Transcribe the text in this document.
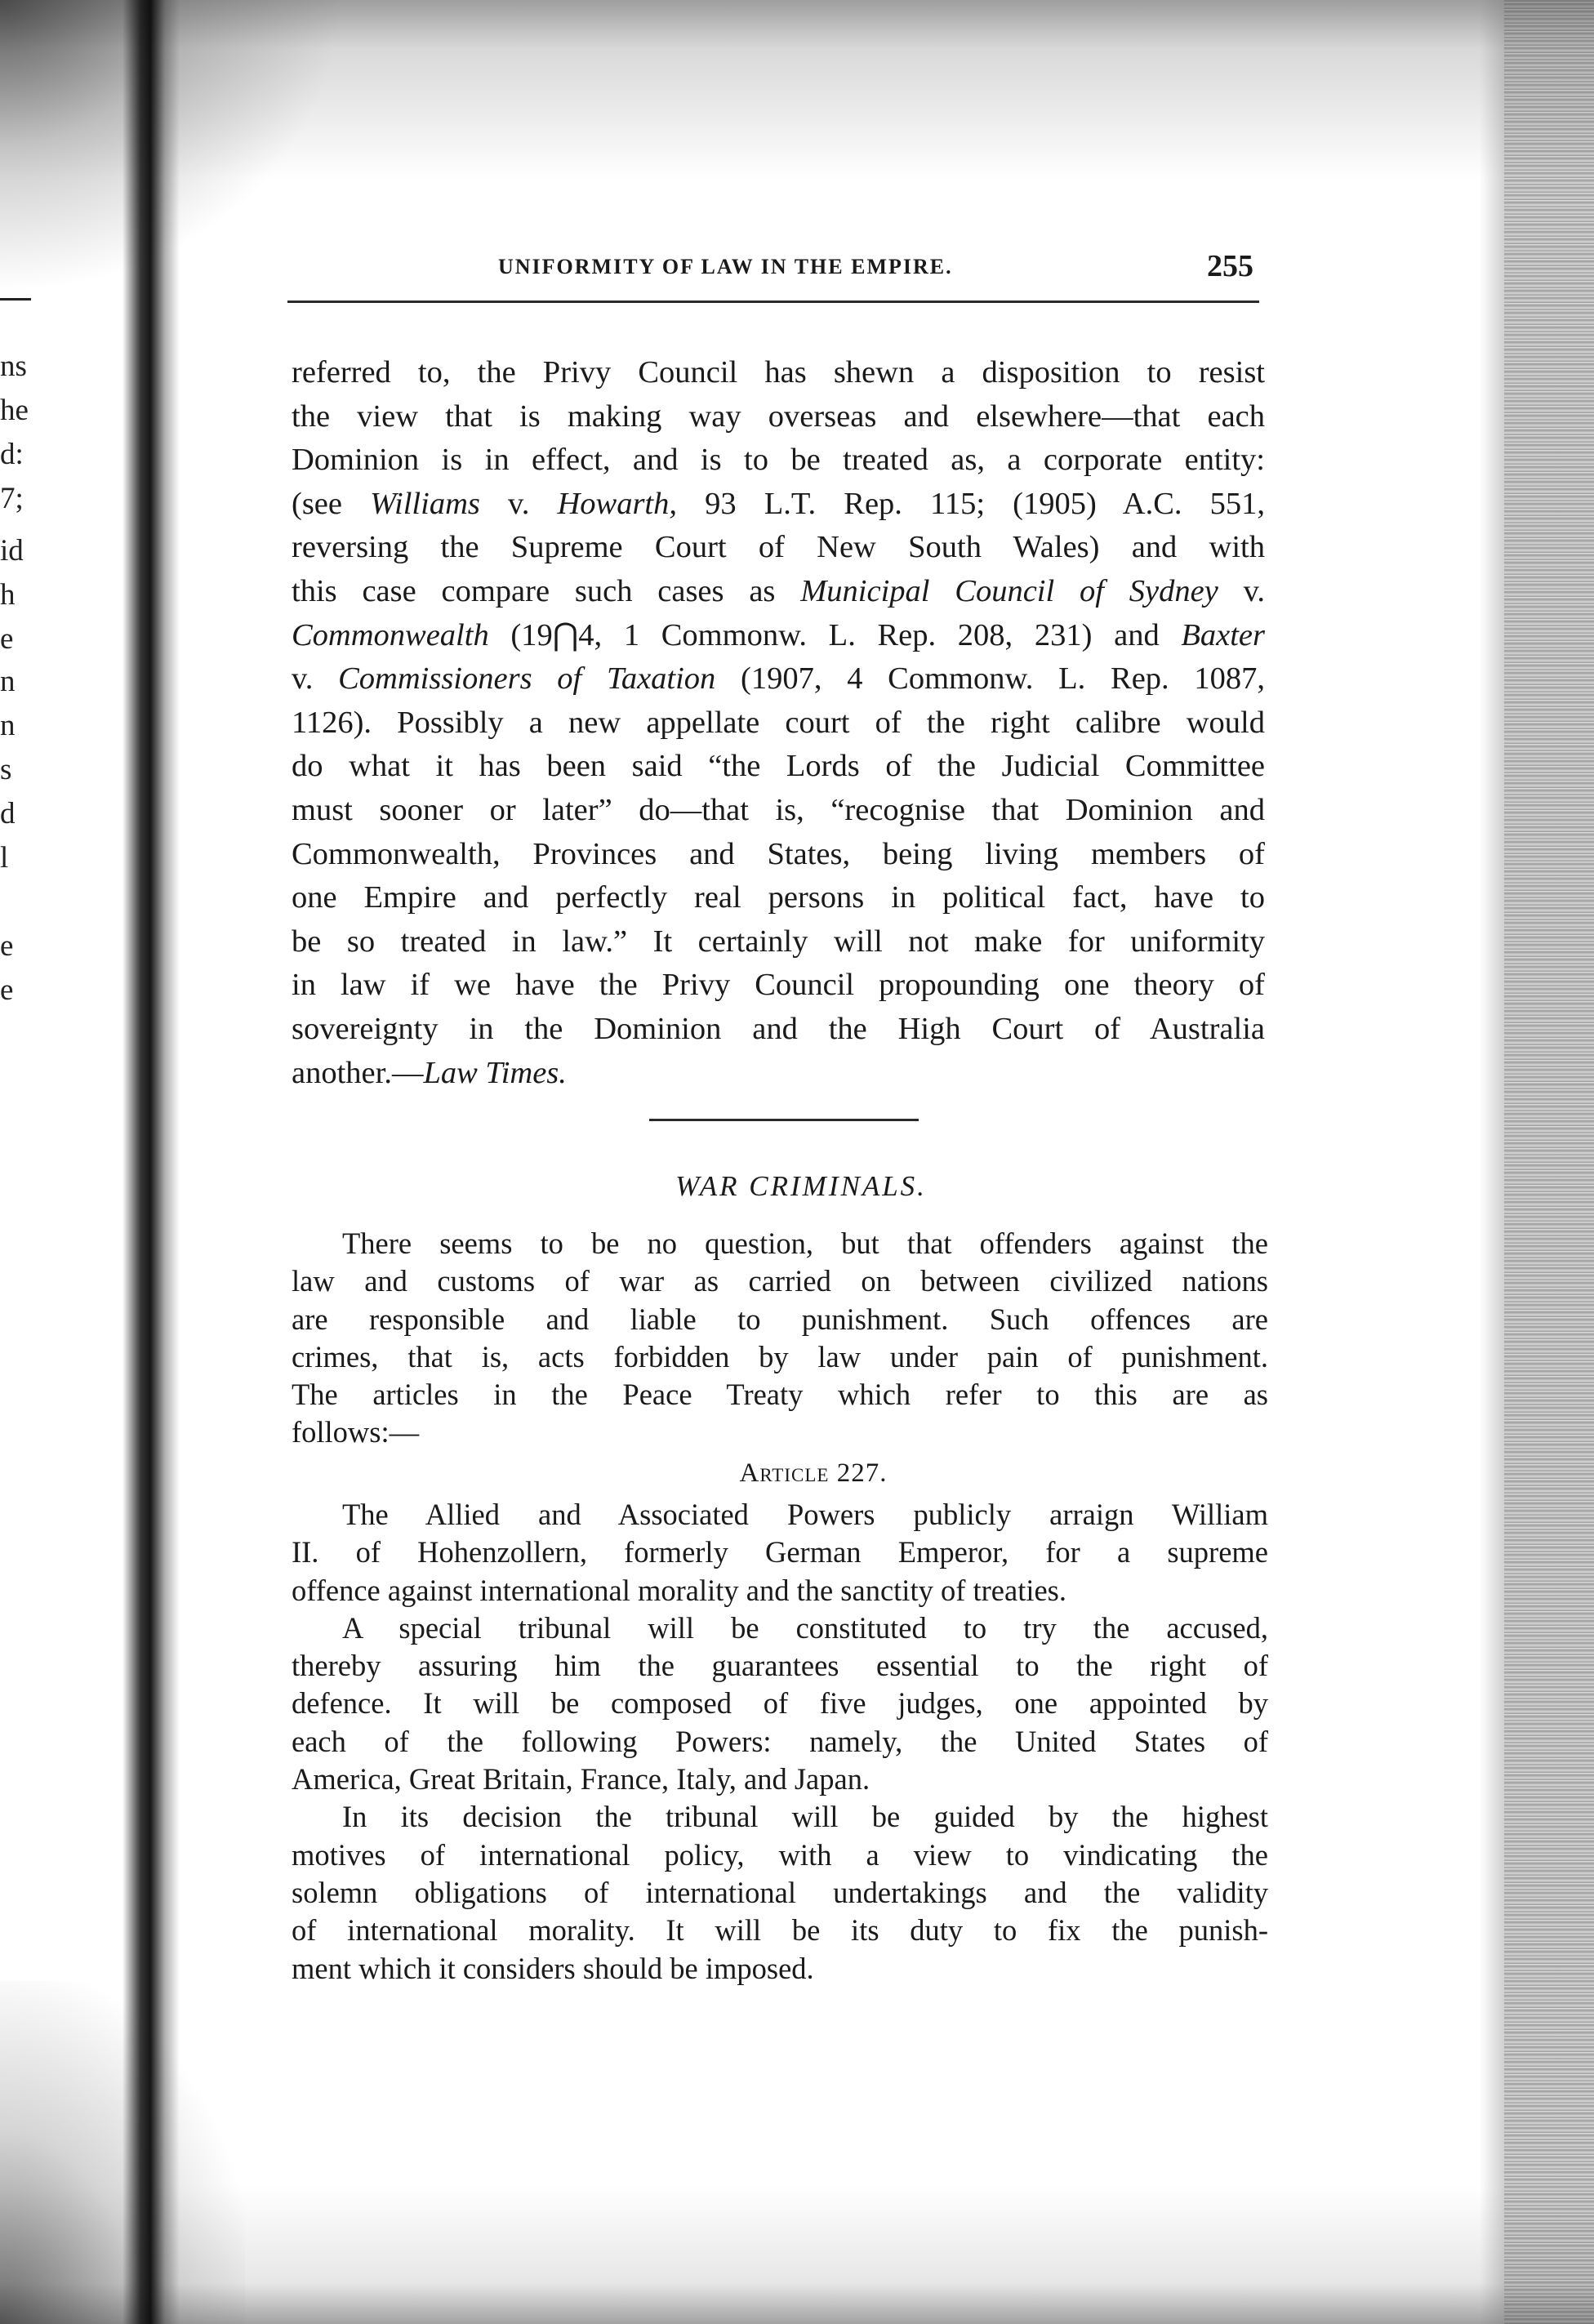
ns
he
d:
7;
id
h
e
n
n
s
d
l
e
e
UNIFORMITY OF LAW IN THE EMPIRE.	255
referred to, the Privy Council has shewn a disposition to resist
the view that is making way overseas and elsewhere—that each
Dominion is in effect, and is to be treated as, a corporate entity:
(see Williams v. Howarth, 93 L.T. Rep. 115; (1905) A.C. 551,
reversing the Supreme Court of New South Wales) and with
this case compare such cases as Municipal Council of Sydney v.
Commonwealth (19⋂4, 1 Commonw. L. Rep. 208, 231) and Baxter
v. Commissioners of Taxation (1907, 4 Commonw. L. Rep. 1087,
1126). Possibly a new appellate court of the right calibre would
do what it has been said “the Lords of the Judicial Committee
must sooner or later” do—that is, “recognise that Dominion and
Commonwealth, Provinces and States, being living members of
one Empire and perfectly real persons in political fact, have to
be so treated in law.” It certainly will not make for uniformity
in law if we have the Privy Council propounding one theory of
sovereignty in the Dominion and the High Court of Australia
another.—Law Times.
WAR CRIMINALS.
There seems to be no question, but that offenders against the
law and customs of war as carried on between civilized nations
are responsible and liable to punishment. Such offences are
crimes, that is, acts forbidden by law under pain of punishment.
The articles in the Peace Treaty which refer to this are as
follows:—
Article 227.
The Allied and Associated Powers publicly arraign William
II. of Hohenzollern, formerly German Emperor, for a supreme
offence against international morality and the sanctity of treaties.
A special tribunal will be constituted to try the accused,
thereby assuring him the guarantees essential to the right of
defence. It will be composed of five judges, one appointed by
each of the following Powers: namely, the United States of
America, Great Britain, France, Italy, and Japan.
In its decision the tribunal will be guided by the highest
motives of international policy, with a view to vindicating the
solemn obligations of international undertakings and the validity
of international morality. It will be its duty to fix the punish-
ment which it considers should be imposed.
